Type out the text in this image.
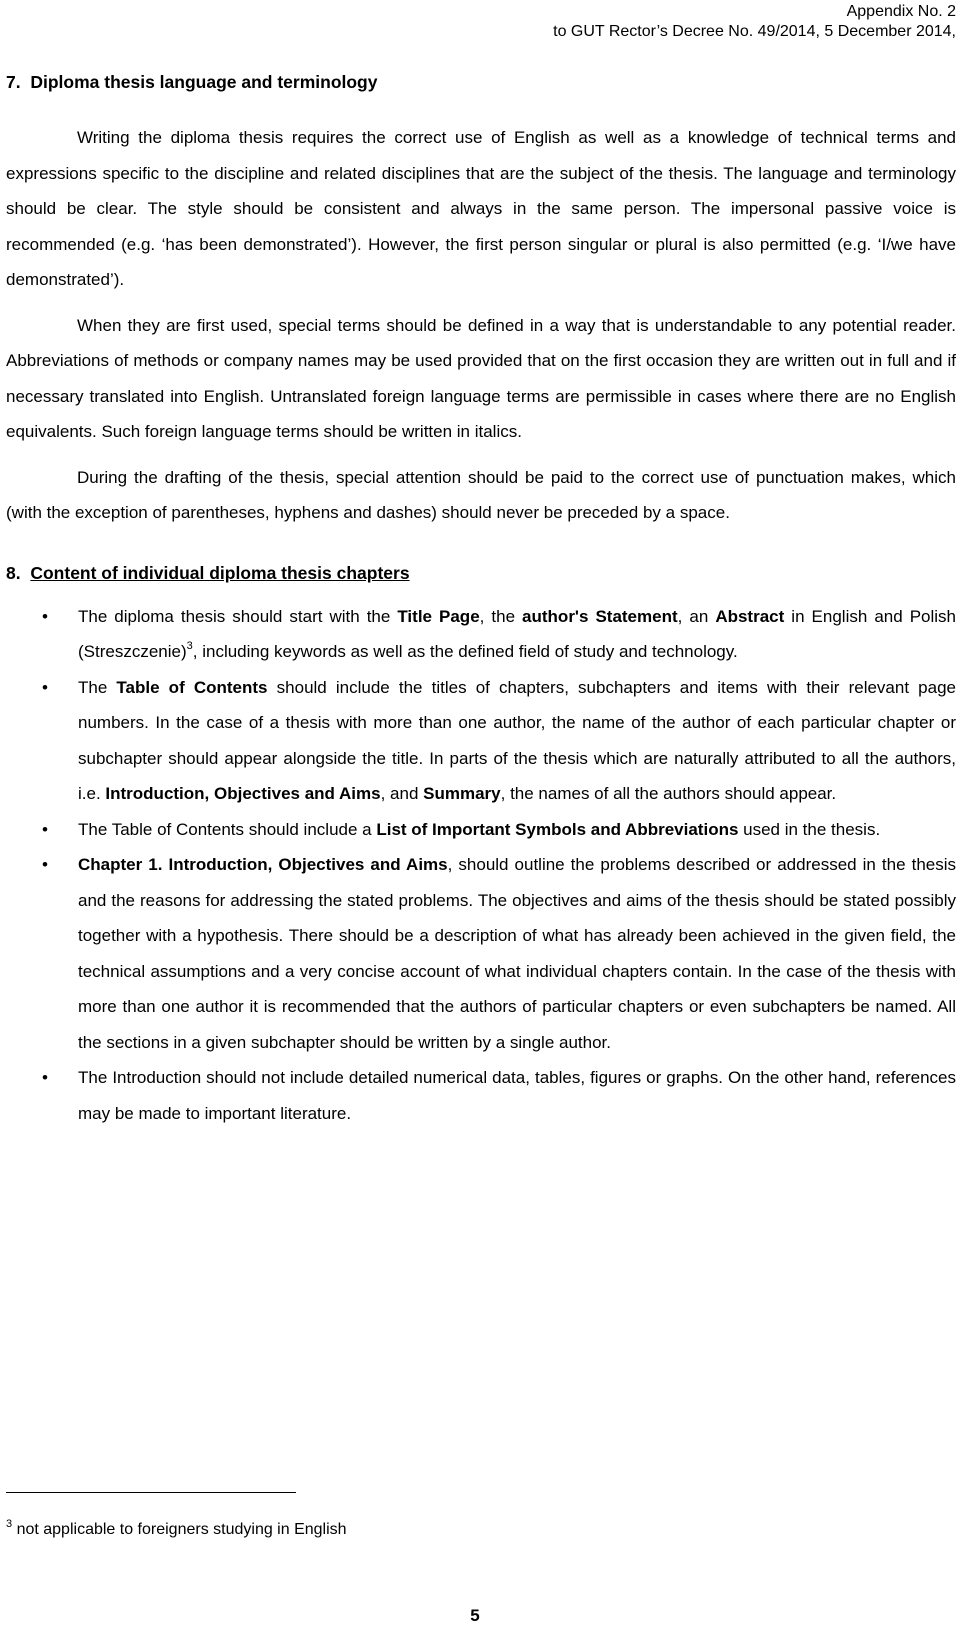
Appendix No. 2
to GUT Rector’s Decree No. 49/2014, 5 December 2014,
7. Diploma thesis language and terminology

Writing the diploma thesis requires the correct use of English as well as a knowledge of technical terms and expressions specific to the discipline and related disciplines that are the subject of the thesis. The language and terminology should be clear. The style should be consistent and always in the same person. The impersonal passive voice is recommended (e.g. ‘has been demonstrated’). However, the first person singular or plural is also permitted (e.g. ‘I/we have demonstrated’).

When they are first used, special terms should be defined in a way that is understandable to any potential reader. Abbreviations of methods or company names may be used provided that on the first occasion they are written out in full and if necessary translated into English. Untranslated foreign language terms are permissible in cases where there are no English equivalents. Such foreign language terms should be written in italics.

During the drafting of the thesis, special attention should be paid to the correct use of punctuation makes, which (with the exception of parentheses, hyphens and dashes) should never be preceded by a space.

8. Content of individual diploma thesis chapters
• The diploma thesis should start with the Title Page, the author's Statement, an Abstract in English and Polish (Streszczenie)$^3$, including keywords as well as the defined field of study and technology.
• The Table of Contents should include the titles of chapters, subchapters and items with their relevant page numbers. In the case of a thesis with more than one author, the name of the author of each particular chapter or subchapter should appear alongside the title. In parts of the thesis which are naturally attributed to all the authors, i.e. Introduction, Objectives and Aims, and Summary, the names of all the authors should appear.
• The Table of Contents should include a List of Important Symbols and Abbreviations used in the thesis.
• Chapter 1. Introduction, Objectives and Aims, should outline the problems described or addressed in the thesis and the reasons for addressing the stated problems. The objectives and aims of the thesis should be stated possibly together with a hypothesis. There should be a description of what has already been achieved in the given field, the technical assumptions and a very concise account of what individual chapters contain. In the case of the thesis with more than one author it is recommended that the authors of particular chapters or even subchapters be named. All the sections in a given subchapter should be written by a single author.
• The Introduction should not include detailed numerical data, tables, figures or graphs. On the other hand, references may be made to important literature.
$^3$ not applicable to foreigners studying in English
5
